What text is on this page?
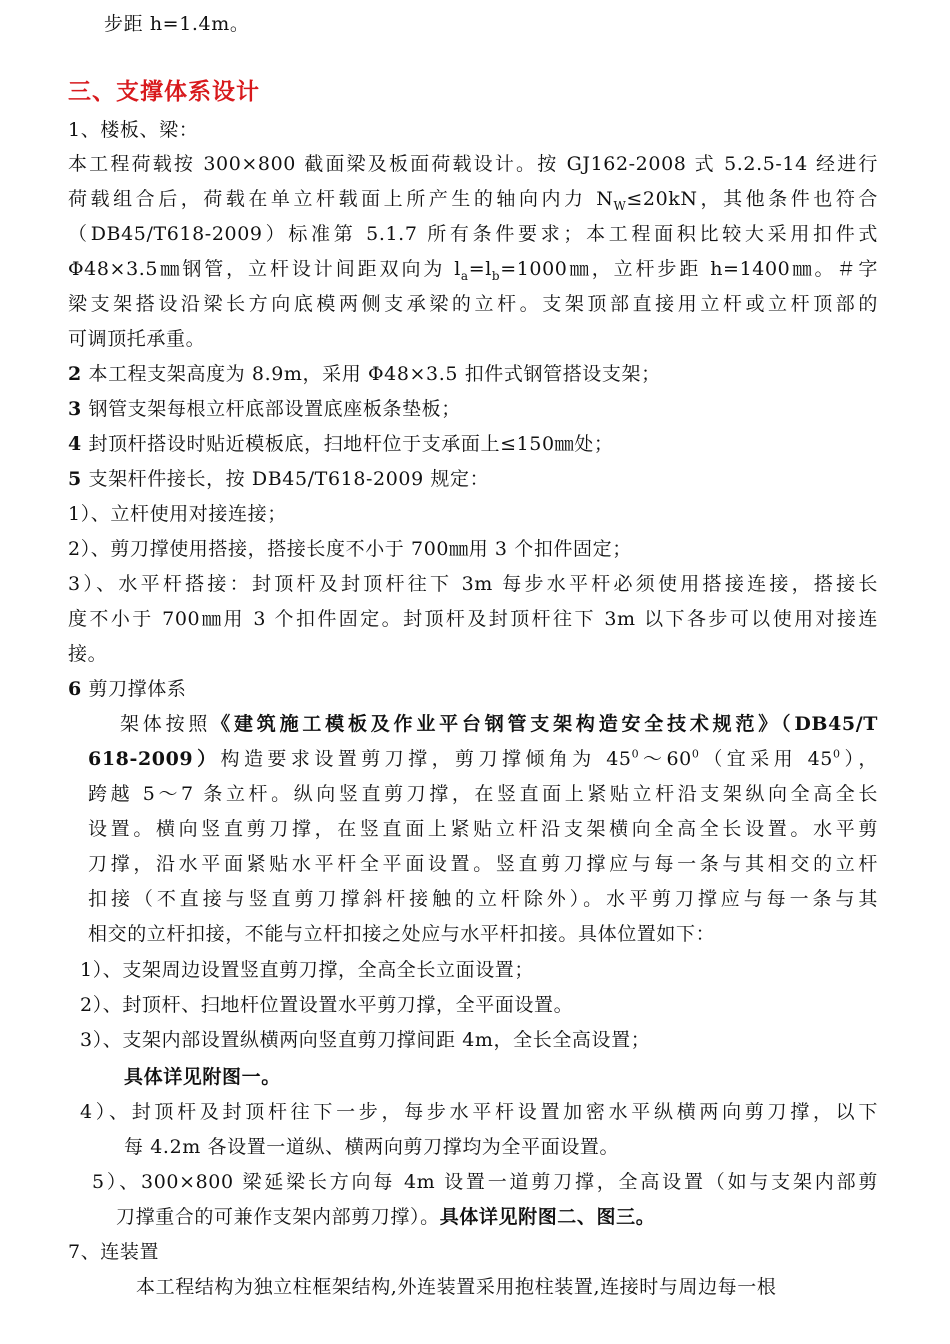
步距 h=1.4m。
三、支撑体系设计
1、楼板、梁：
本工程荷载按 300×800 截面梁及板面荷载设计。按 GJ162-2008 式 5.2.5-14 经进行
荷载组合后，荷载在单立杆载面上所产生的轴向内力 $N_W\le 20kN$，其他条件也符合
（DB45/T618-2009）标准第 5.1.7 所有条件要求；本工程面积比较大采用扣件式
Φ48×3.5㎜钢管，立杆设计间距双向为 $l_a=l_b=1000㎜$，立杆步距 h=1400㎜。＃字
梁支架搭设沿梁长方向底模两侧支承梁的立杆。支架顶部直接用立杆或立杆顶部的
可调顶托承重。
2 本工程支架高度为 8.9m，采用 Φ48×3.5 扣件式钢管搭设支架；
3 钢管支架每根立杆底部设置底座板条垫板；
4 封顶杆搭设时贴近模板底，扫地杆位于支承面上≤150㎜处；
5 支架杆件接长，按 DB45/T618-2009 规定：
1）、立杆使用对接连接；
2）、剪刀撑使用搭接，搭接长度不小于 700㎜用 3 个扣件固定；
3）、水平杆搭接：封顶杆及封顶杆往下 3m 每步水平杆必须使用搭接连接，搭接长
度不小于 700㎜用 3 个扣件固定。封顶杆及封顶杆往下 3m 以下各步可以使用对接连
接。
6 剪刀撑体系
架体按照《建筑施工模板及作业平台钢管支架构造安全技术规范》（DB45/T
618-2009）构造要求设置剪刀撑，剪刀撑倾角为 $45^0\sim 60^0$（宜采用 $45^0$），
跨越 5～7 条立杆。纵向竖直剪刀撑，在竖直面上紧贴立杆沿支架纵向全高全长
设置。横向竖直剪刀撑，在竖直面上紧贴立杆沿支架横向全高全长设置。水平剪
刀撑，沿水平面紧贴水平杆全平面设置。竖直剪刀撑应与每一条与其相交的立杆
扣接（不直接与竖直剪刀撑斜杆接触的立杆除外）。水平剪刀撑应与每一条与其
相交的立杆扣接，不能与立杆扣接之处应与水平杆扣接。具体位置如下：
1）、支架周边设置竖直剪刀撑，全高全长立面设置；
2）、封顶杆、扫地杆位置设置水平剪刀撑，全平面设置。
3）、支架内部设置纵横两向竖直剪刀撑间距 4m，全长全高设置；
具体详见附图一。
4）、封顶杆及封顶杆往下一步，每步水平杆设置加密水平纵横两向剪刀撑，以下
每 4.2m 各设置一道纵、横两向剪刀撑均为全平面设置。
5）、300×800 梁延梁长方向每 4m 设置一道剪刀撑，全高设置（如与支架内部剪
刀撑重合的可兼作支架内部剪刀撑）。具体详见附图二、图三。
7、连装置
本工程结构为独立柱框架结构,外连装置采用抱柱装置,连接时与周边每一根
